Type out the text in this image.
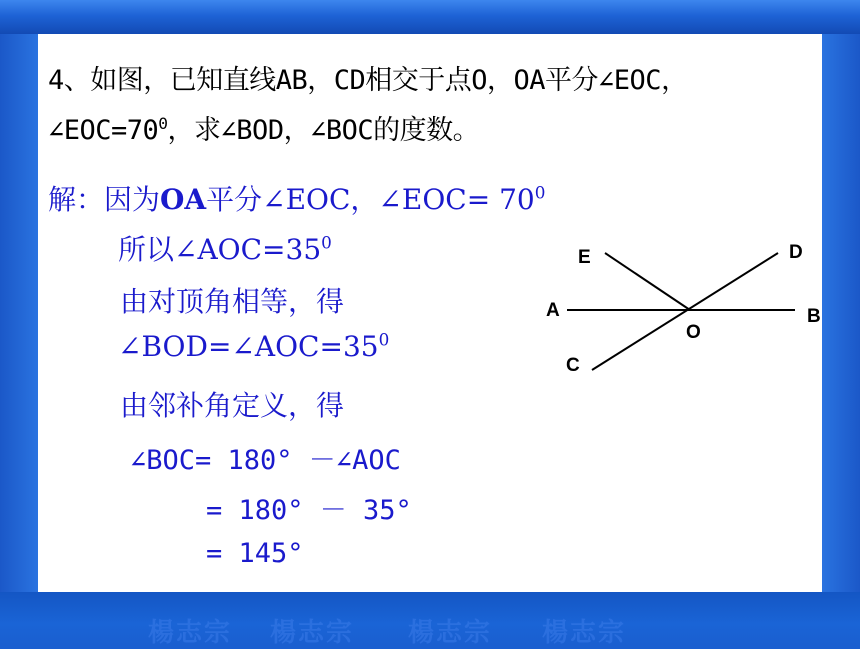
楊志宗 楊志宗 楊志宗 楊志宗
4、如图，已知直线AB，CD相交于点O，OA平分∠EOC，
$\angle EOC=70^0$，求∠BOD，∠BOC的度数。
解：因为OA平分∠EOC，∠EOC= $70^0$
所以$\angle AOC=35^0$
由对顶角相等，得
$\angle BOD=\angle AOC=35^0$
由邻补角定义，得
∠BOC= 180° －∠AOC
= 180° － 35°
= 145°
E	D
A	B
O
C
